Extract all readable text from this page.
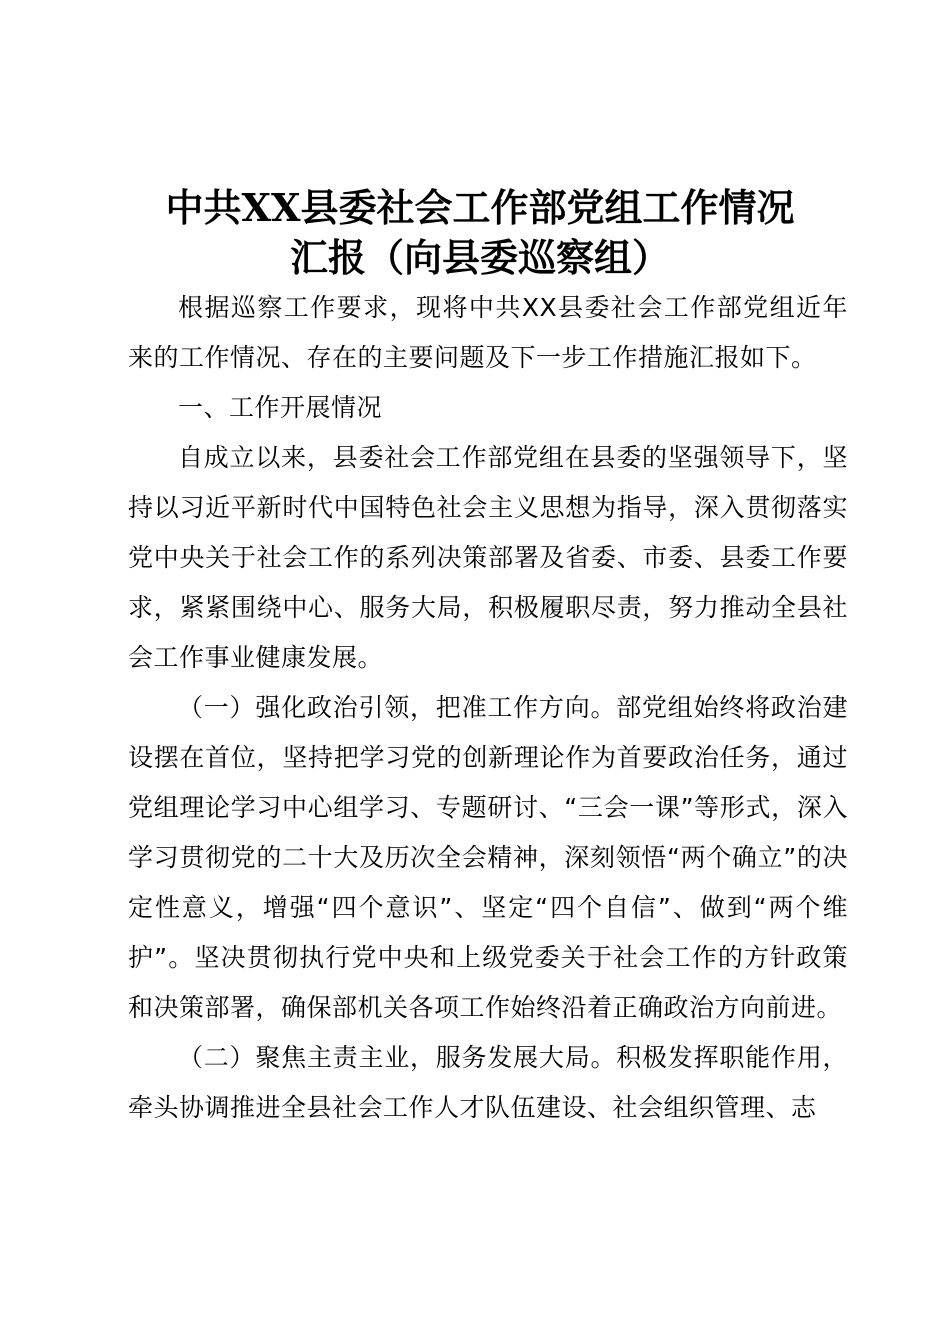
中共XX县委社会工作部党组工作情况
汇报（向县委巡察组）

根据巡察工作要求，现将中共XX县委社会工作部党组近年来的工作情况、存在的主要问题及下一步工作措施汇报如下。

一、工作开展情况

自成立以来，县委社会工作部党组在县委的坚强领导下，坚持以习近平新时代中国特色社会主义思想为指导，深入贯彻落实党中央关于社会工作的系列决策部署及省委、市委、县委工作要求，紧紧围绕中心、服务大局，积极履职尽责，努力推动全县社会工作事业健康发展。

（一）强化政治引领，把准工作方向。部党组始终将政治建设摆在首位，坚持把学习党的创新理论作为首要政治任务，通过党组理论学习中心组学习、专题研讨、“三会一课”等形式，深入学习贯彻党的二十大及历次全会精神，深刻领悟“两个确立”的决定性意义，增强“四个意识”、坚定“四个自信”、做到“两个维护”。坚决贯彻执行党中央和上级党委关于社会工作的方针政策和决策部署，确保部机关各项工作始终沿着正确政治方向前进。

（二）聚焦主责主业，服务发展大局。积极发挥职能作用，牵头协调推进全县社会工作人才队伍建设、社会组织管理、志
